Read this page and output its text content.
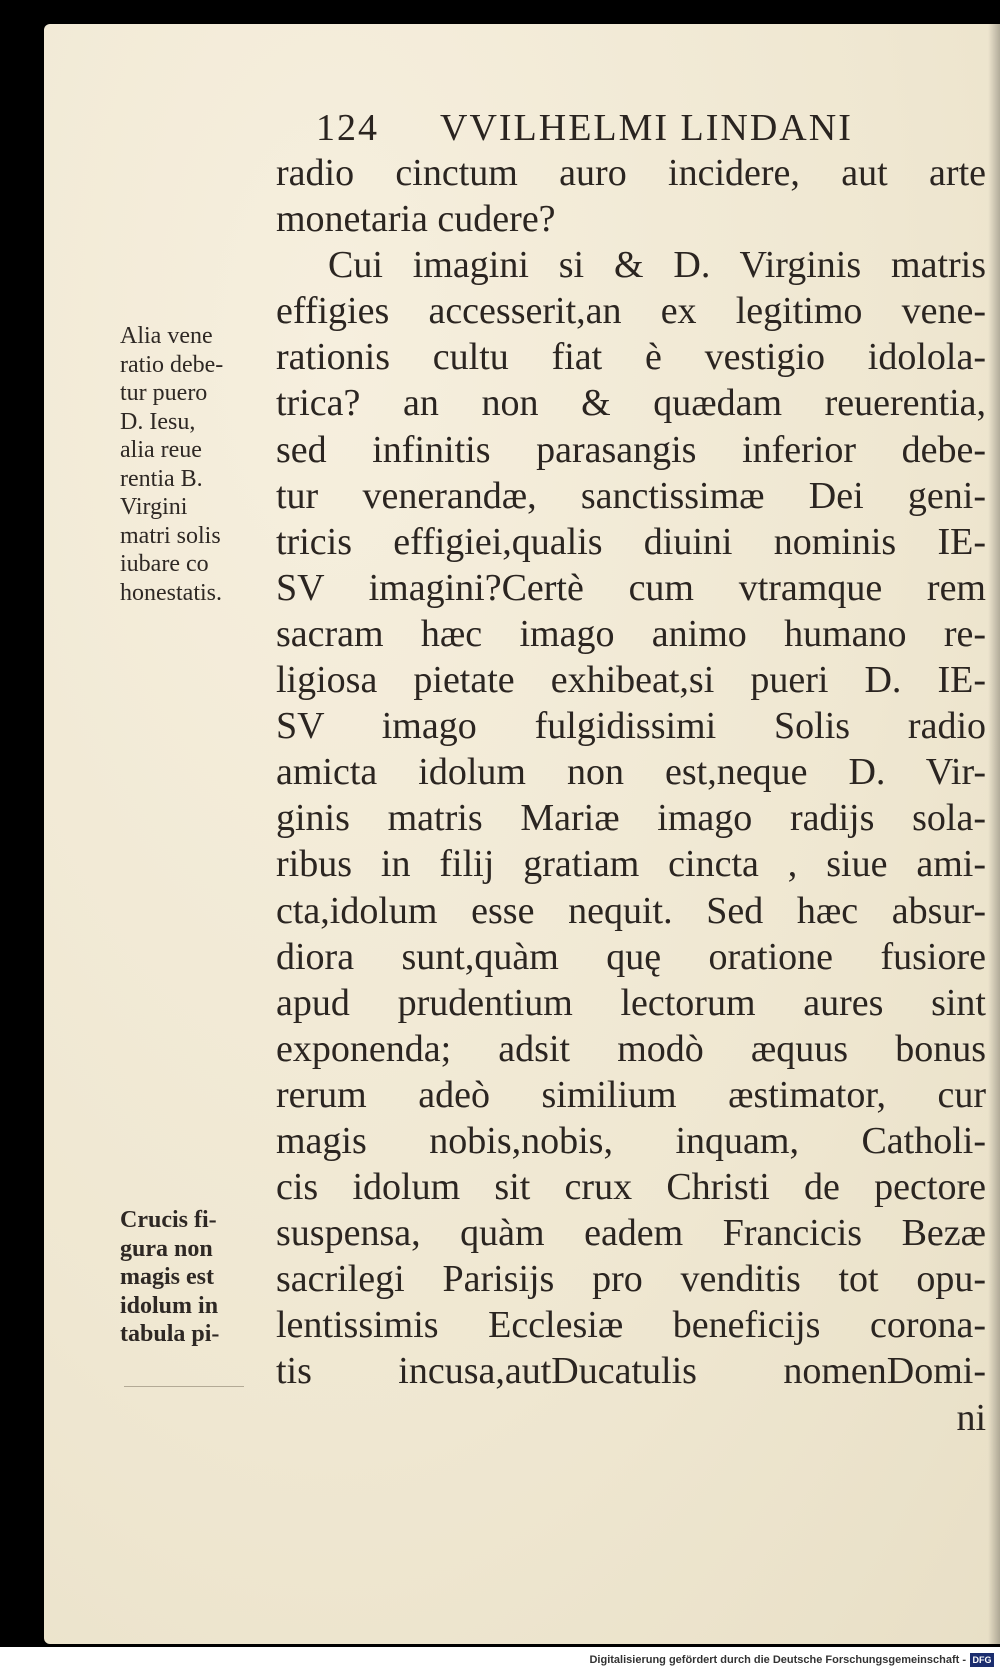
124 VVILHELMI LINDANI
Alia vene
ratio debe-
tur puero
D. Iesu,
alia reue
rentia B.
Virgini
matri solis
iubare co
honestatis.
Crucis fi-
gura non
magis est
idolum in
tabula pi-
radio cinctum auro incidere, aut arte
monetaria cudere?
Cui imagini si & D. Virginis matris
effigies accesserit,an ex legitimo vene-
rationis cultu fiat è vestigio idolola-
trica? an non & quædam reuerentia,
sed infinitis parasangis inferior debe-
tur venerandæ, sanctissimæ Dei geni-
tricis effigiei,qualis diuini nominis IE-
SV imagini?Certè cum vtramque rem
sacram hæc imago animo humano re-
ligiosa pietate exhibeat,si pueri D. IE-
SV imago fulgidissimi Solis radio
amicta idolum non est,neque D. Vir-
ginis matris Mariæ imago radijs sola-
ribus in filij gratiam cincta , siue ami-
cta,idolum esse nequit. Sed hæc absur-
diora sunt,quàm quę oratione fusiore
apud prudentium lectorum aures sint
exponenda; adsit modò æquus bonus
rerum adeò similium æstimator, cur
magis nobis,nobis, inquam, Catholi-
cis idolum sit crux Christi de pectore
suspensa, quàm eadem Francicis Bezæ
sacrilegi Parisijs pro venditis tot opu-
lentissimis Ecclesiæ beneficijs corona-
tis incusa,autDucatulis nomenDomi-
ni
Digitalisierung gefördert durch die Deutsche Forschungsgemeinschaft - DFG
